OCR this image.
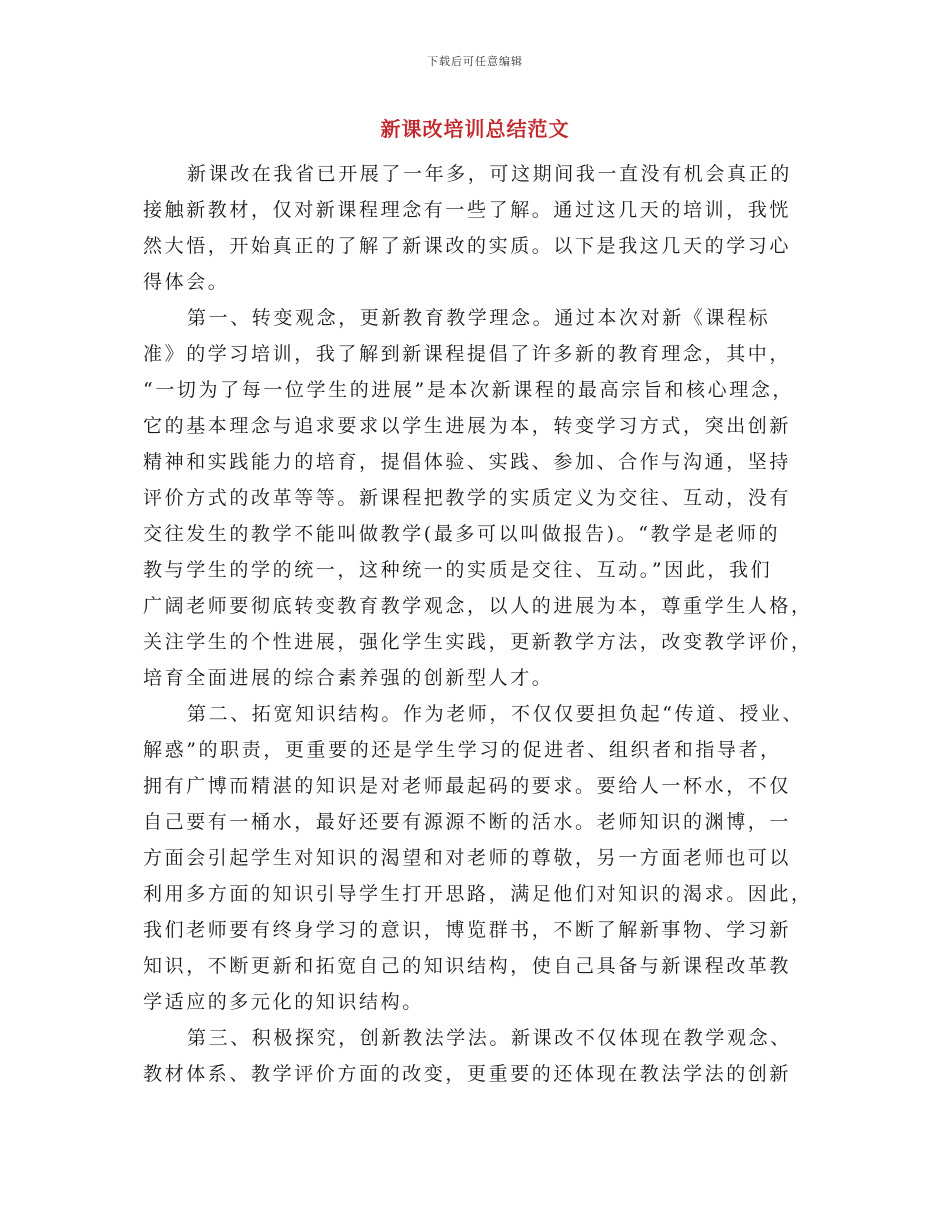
下载后可任意编辑
新课改培训总结范文

新课改在我省已开展了一年多，可这期间我一直没有机会真正的
接触新教材，仅对新课程理念有一些了解。通过这几天的培训，我恍
然大悟，开始真正的了解了新课改的实质。以下是我这几天的学习心
得体会。

第一、转变观念，更新教育教学理念。通过本次对新《课程标
准》的学习培训，我了解到新课程提倡了许多新的教育理念，其中，
“一切为了每一位学生的进展”是本次新课程的最高宗旨和核心理念，
它的基本理念与追求要求以学生进展为本，转变学习方式，突出创新
精神和实践能力的培育，提倡体验、实践、参加、合作与沟通，坚持
评价方式的改革等等。新课程把教学的实质定义为交往、互动，没有
交往发生的教学不能叫做教学(最多可以叫做报告)。“教学是老师的
教与学生的学的统一，这种统一的实质是交往、互动。”因此，我们
广阔老师要彻底转变教育教学观念，以人的进展为本，尊重学生人格，
关注学生的个性进展，强化学生实践，更新教学方法，改变教学评价，
培育全面进展的综合素养强的创新型人才。

第二、拓宽知识结构。作为老师，不仅仅要担负起“传道、授业、
解惑”的职责，更重要的还是学生学习的促进者、组织者和指导者，
拥有广博而精湛的知识是对老师最起码的要求。要给人一杯水，不仅
自己要有一桶水，最好还要有源源不断的活水。老师知识的渊博，一
方面会引起学生对知识的渴望和对老师的尊敬，另一方面老师也可以
利用多方面的知识引导学生打开思路，满足他们对知识的渴求。因此，
我们老师要有终身学习的意识，博览群书，不断了解新事物、学习新
知识，不断更新和拓宽自己的知识结构，使自己具备与新课程改革教
学适应的多元化的知识结构。

第三、积极探究，创新教法学法。新课改不仅体现在教学观念、
教材体系、教学评价方面的改变，更重要的还体现在教法学法的创新
